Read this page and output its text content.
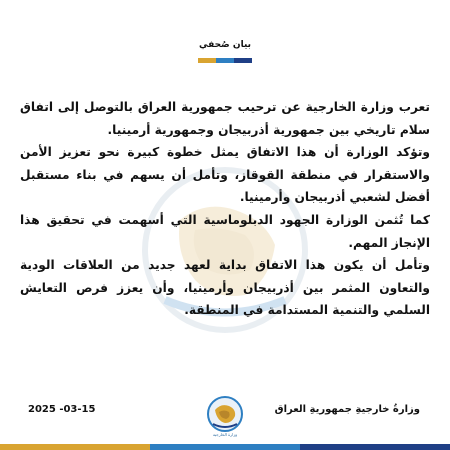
بيان صُحفي

تعرب وزارة الخارجية عن ترحيب جمهورية العراق بالتوصل إلى اتفاق سلام تاريخي بين جمهورية أذربيجان وجمهورية أرمينيا.

وتؤكد الوزارة أن هذا الاتفاق يمثل خطوة كبيرة نحو تعزيز الأمن والاستقرار في منطقة القوقاز، وتأمل أن يسهم في بناء مستقبل أفضل لشعبي أذربيجان وأرمينيا.

كما تُثمن الوزارة الجهود الدبلوماسية التي أسهمت في تحقيق هذا الإنجاز المهم.

وتأمل أن يكون هذا الاتفاق بداية لعهد جديد من العلاقات الودية والتعاون المثمر بين أذربيجان وأرمينيا، وأن يعزز فرص التعايش السلمي والتنمية المستدامة في المنطقة.

2025 -03-15
وزارة الخارجية
وزارةُ خارجيةِ جمهوريةِ العراق
